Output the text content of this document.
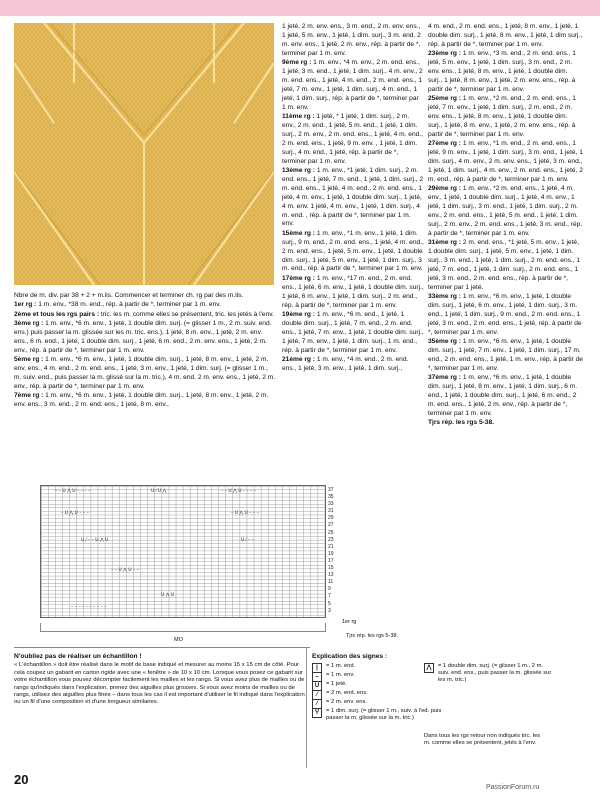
Nbre de m. div. par 38 + 2 + m.lis. Commencer et terminer ch. rg par des m.lis.

1er rg : 1 m. env., *38 m. end., rép. à partir de *, terminer par 1 m. env.

2ème et tous les rgs pairs : tric. les m. comme elles se présentent, tric. les jetés à l'env.

3ème rg : 1 m. env., *6 m. env., 1 jeté, 1 double dim. surj. (= glisser 1 m., 2 m. suiv. end. ens.) puis passer la m. glissée sur les m. tric. ens.), 1 jeté, 8 m. env., 1 jeté, 2 m. env. ens., 6 m. end., 1 jeté, 1 double dim. surj., 1 jeté, 6 m. end., 2 m. env. ens., 1 jeté, 2 m. env., rép. à partir de *, terminer par 1 m. env.

5ème rg : 1 m. env., *6 m. env., 1 jeté, 1 double dim. surj., 1 jeté, 8 m. env., 1 jeté, 2 m. env. ens., 4 m. end., 2 m. end. ens., 1 jeté, 3 m. env., 1 jeté, 1 dim. surj. (= glisser 1 m., m. suiv. end., puis passer la m. glissé sur la m. tric.), 4 m. end. 2 m. env. ens., 1 jeté, 2 m. env., rép. à partir de *, terminer par 1 m. env.

7ème rg : 1 m. env., *6 m. env., 1 jeté, 1 double dim. surj., 1 jeté, 8 m. env., 1 jeté, 2 m. env. ens., 3 m. end., 2 m. end. ens., 1 jeté, 8 m. env.,

1 jeté, 2 m. env. ens., 3 m. end., 2 m. env. ens., 1 jeté, 5 m. env., 1 jeté, 1 dim. surj., 3 m. end. 2 m. env. ens., 1 jeté, 2 m. env., rép. à partir de *, terminer par 1 m. env.

9ème rg : 1 m. env., *4 m. env., 2 m. end. ens., 1 jeté, 3 m. end., 1 jeté, 1 dim. surj., 4 m. env., 2 m. end. ens., 1 jeté, 4 m. end., 2 m. end. ens., 1 jeté, 7 m. env., 1 jeté, 1 dim. surj., 4 m. end., 1 jeté, 1 dim. surj., rép. à partir de *, terminer par 1 m. env.

11ème rg : 1 jeté, * 1 jeté, 1 dim. surj., 2 m. env., 2 m. end., 1 jeté, 5 m. end., 1 jeté, 1 dim. surj., 2 m. env., 2 m. end. ens., 1 jeté, 4 m. end., 2 m. end. ens., 1 jeté, 9 m. env. , 1 jeté, 1 dim. surj., 4 m. end., 1 jeté, rép. à partir de *, terminer par 1 m. env.

13ème rg : 1 m. env., *1 jeté, 1 dim. surj., 2 m. end. ens., 1 jeté, 7 m. end., 1 jeté, 1 dim. surj., 2 m. end. ens., 1 jeté, 4 m. end., 2 m. end. ens., 1 jeté, 4 m. env., 1 jeté, 1 double dim. surj., 1 jeté, 4 m. env. 1 jeté, 4 m. env., 1 jeté, 1 dim. surj., 4 m. end. , rép. à partir de *, terminer par 1 m. env.

15ème rg : 1 m. env., *1 m. env., 1 jeté, 1 dim. surj., 9 m. end., 2 m. end. ens., 1 jeté, 4 m. end., 2 m. end. ens., 1 jeté, 5 m. env., 1 jeté, 1 double dim. surj., 1 jeté, 5 m. env., 1 jeté, 1 dim. surj., 3 m. end., rép. à partir de *, terminer par 1 m. env.

17ème rg : 1 m. env., *17 m. end., 2 m. end. ens., 1 jeté, 6 m. env., 1 jeté, 1 double dim. surj., 1 jeté, 6 m. env., 1 jeté, 1 dim. surj., 2 m. end., rép. à partir de *, terminer par 1 m. env.

19ème rg : 1 m. env., *6 m. end., 1 jeté, 1 double dim. surj., 1 jeté, 7 m. end., 2 m. end. ens., 1 jeté, 7 m. env., 1 jeté, 1 double dim. surj., 1 jeté, 7 m. env., 1 jeté, 1 dim. surj., 1 m. end., rép. à partir de *, terminer par 1 m. env.

21ème rg : 1 m. env., *4 m. end., 2 m. end. ens., 1 jeté, 3 m. env., 1 jeté, 1 dim. surj.,

4 m. end., 2 m. end. ens., 1 jeté, 8 m. env., 1 jeté, 1 double dim. surj., 1 jeté, 8 m. env., 1 jeté, 1 dim surj., rép. à partir de *, terminer par 1 m. env.

23ème rg : 1 m. env., *3 m. end., 2 m. end. ens., 1 jeté, 5 m. env., 1 jeté, 1 dim. surj., 3 m. end., 2 m. env. ens., 1 jeté, 8 m. env., 1 jeté, 1 double dim. surj., 1 jeté, 8 m. env., 1 jeté, 2 m. env. ens., rép. à partir de *, terminer par 1 m. env.

25ème rg : 1 m. env., *2 m. end., 2 m. end. ens., 1 jeté, 7 m. env., 1 jeté, 1 dim. surj., 2 m. end., 2 m. env. ens., 1 jeté, 8 m. env., 1 jeté, 1 double dim. surj., 1 jeté, 8 m. env., 1 jeté, 2 m. env. ens., rép. à partir de *, terminer par 1 m. env.

27ème rg : 1 m. env., *1 m. end., 2 m. end. ens., 1 jeté, 9 m. env., 1 jeté, 1 dim. surj., 3 m. end., 1 jeté, 1 dim. surj., 4 m. env., 2 m. env. ens., 1 jeté, 3 m. end., 1 jeté, 1 dim. surj., 4 m. env., 2 m. end. ens., 1 jeté, 2 m. end., rép. à partir de *, terminer par 1 m. env.

29ème rg : 1 m. env., *2 m. end. ens., 1 jeté, 4 m. env., 1 jeté, 1 double dim. surj., 1 jeté, 4 m. env., 1 jeté, 1 dim. surj., 3 m. end., 1 jeté, 1 dim. surj., 2 m. env., 2 m. end. ens., 1 jeté, 5 m. end., 1 jeté, 1 dim. surj., 2 m. env., 2 m. end. ens., 1 jeté, 3 m. end., rép. à partir de *, terminer par 1 m. env.

31ème rg : 2 m. end. ens., *1 jeté, 5 m. env., 1 jeté, 1 double dim. surj., 1 jeté, 5 m. env., 1 jeté, 1 dim. surj., 3 m. end., 1 jeté, 1 dim. surj., 2 m. end. ens., 1 jeté, 7 m. end., 1 jeté, 1 dim. surj., 2 m. end. ens., 1 jeté, 3 m. end., 2 m. end. ens., rép. à partir de *, terminer par 1 jeté.

33ème rg : 1 m. env., *6 m. env., 1 jeté, 1 double dim. surj., 1 jeté, 6 m. env., 1 jeté, 1 dim. surj., 3 m. end., 1 jeté, 1 dim. surj., 9 m. end., 2 m. end. ens., 1 jeté, 3 m. end., 2 m. end. ens., 1 jeté, rép. à partir de *, terminer par 1 m. env.

35ème rg : 1 m. env., *6 m. env., 1 jeté, 1 double dim. surj., 1 jeté, 7 m. env., 1 jeté, 1 dim. surj., 17 m. end., 2 m. end. ens., 1 jeté, 1 m. env., rép. à partir de *, terminer par 1 m. env.

37ème rg : 1 m. env., *6 m. env., 1 jeté, 1 double dim. surj., 1 jeté, 8 m. env., 1 jeté, 1 dim. surj., 6 m. end., 1 jeté, 1 double dim. surj., 1 jeté, 6 m. end., 2 m. end. ens., 1 jeté, 2 m. env., rép. à partir de *, terminer par 1 m. env.

Tjrs rép. les rgs 5-38.

– – U ⋀ U – – – –	U ⁄ U ⋀	– – U ⋀ U – – – –
– U ⋀ U – – –	– U ⋀ U – – –
U ⁄ – – U ⋀ U	U ⁄ – –
– – U ⋀ U – –
U ⋀ U
– – – – – – – – – –
MO
37
35
33
31
29
27
25
23
21
19
17
15
13
11
9
7
5
3
1er rg
Tjrs rép. les rgs 5-38.

N'oubliez pas de réaliser un échantillon !

« L'échantillon » doit être réalisé dans le motif de base indiqué et mesurer au moins 15 x 15 cm de côté. Pour cela coupez un gabarit en carton rigide avec une « fenêtre » de 10 x 10 cm. Lorsque vous posez ce gabarit sur votre échantillon vous pouvez décompter facilement les mailles et les rangs. Si vous avez plus de mailles ou de rangs qu'indiqués dans l'explication, prenez des aiguilles plus grosses. Si vous avez moins de mailles ou de rangs, utilisez des aiguilles plus fines – dans tous les cas il est important d'utiliser le fil indiqué dans l'explication ou un fil d'une composition et d'une longueur similaires.

Explication des signes :
|	= 1 m. end.
–	= 1 m. env.
U	= 1 jeté.
⁄	= 2 m. end. ens.
⁄	= 2 m. env. ens.
Ⴤ	= 1 dim. surj. (= glisser 1 m., suiv. à l'ed. puis passer la m. glissée sur la m. tric.)
⋀	= 1 double dim. surj. (= glisser 1 m., 2 m. suiv. end. ens., puis passer la m. glissée sur les m. tric.)
Dans tous les rgs retour non indiqués tric. les m. comme elles se présentent, jetés à l'env.
20
PassionForum.ru
